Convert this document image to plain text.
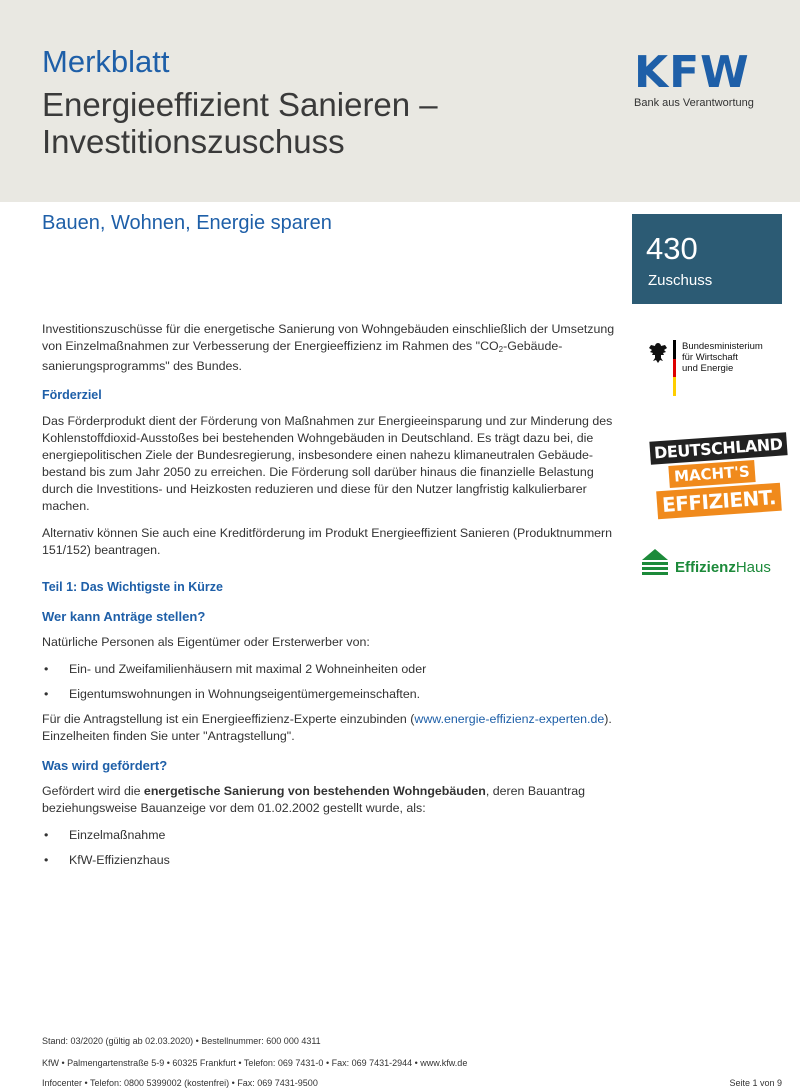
Merkblatt
Energieeffizient Sanieren –
Investitionszuschuss
KFW
Bank aus Verantwortung
Bauen, Wohnen, Energie sparen
430
Zuschuss
Bundesministerium
für Wirtschaft
und Energie
DEUTSCHLAND
MACHT'S
EFFIZIENT.
EffizienzHaus

Investitionszuschüsse für die energetische Sanierung von Wohngebäuden einschließlich der Umsetzung von Einzelmaßnahmen zur Verbesserung der Energieeffizienz im Rahmen des "$CO_2-Gebäude$-sanierungsprogramms" des Bundes.

Förderziel

Das Förderprodukt dient der Förderung von Maßnahmen zur Energieeinsparung und zur Minderung des Kohlenstoffdioxid-Ausstoßes bei bestehenden Wohngebäuden in Deutschland. Es trägt dazu bei, die energiepolitischen Ziele der Bundesregierung, insbesondere einen nahezu klimaneutralen Gebäude-bestand bis zum Jahr 2050 zu erreichen. Die Förderung soll darüber hinaus die finanzielle Belastung durch die Investitions- und Heizkosten reduzieren und diese für den Nutzer langfristig kalkulierbarer machen.

Alternativ können Sie auch eine Kreditförderung im Produkt Energieeffizient Sanieren (Produktnummern 151/152) beantragen.

Teil 1: Das Wichtigste in Kürze
Wer kann Anträge stellen?

Natürliche Personen als Eigentümer oder Ersterwerber von:

• Ein- und Zweifamilienhäusern mit maximal 2 Wohneinheiten oder
• Eigentumswohnungen in Wohnungseigentümergemeinschaften.

Für die Antragstellung ist ein Energieeffizienz-Experte einzubinden (www.energie-effizienz-experten.de).
Einzelheiten finden Sie unter "Antragstellung".

Was wird gefördert?

Gefördert wird die energetische Sanierung von bestehenden Wohngebäuden, deren Bauantrag beziehungsweise Bauanzeige vor dem 01.02.2002 gestellt wurde, als:

• Einzelmaßnahme
• KfW-Effizienzhaus
Stand: 03/2020 (gültig ab 02.03.2020) • Bestellnummer: 600 000 4311
KfW • Palmengartenstraße 5-9 • 60325 Frankfurt • Telefon: 069 7431-0 • Fax: 069 7431-2944 • www.kfw.de
Infocenter • Telefon: 0800 5399002 (kostenfrei) • Fax: 069 7431-9500	Seite 1 von 9
